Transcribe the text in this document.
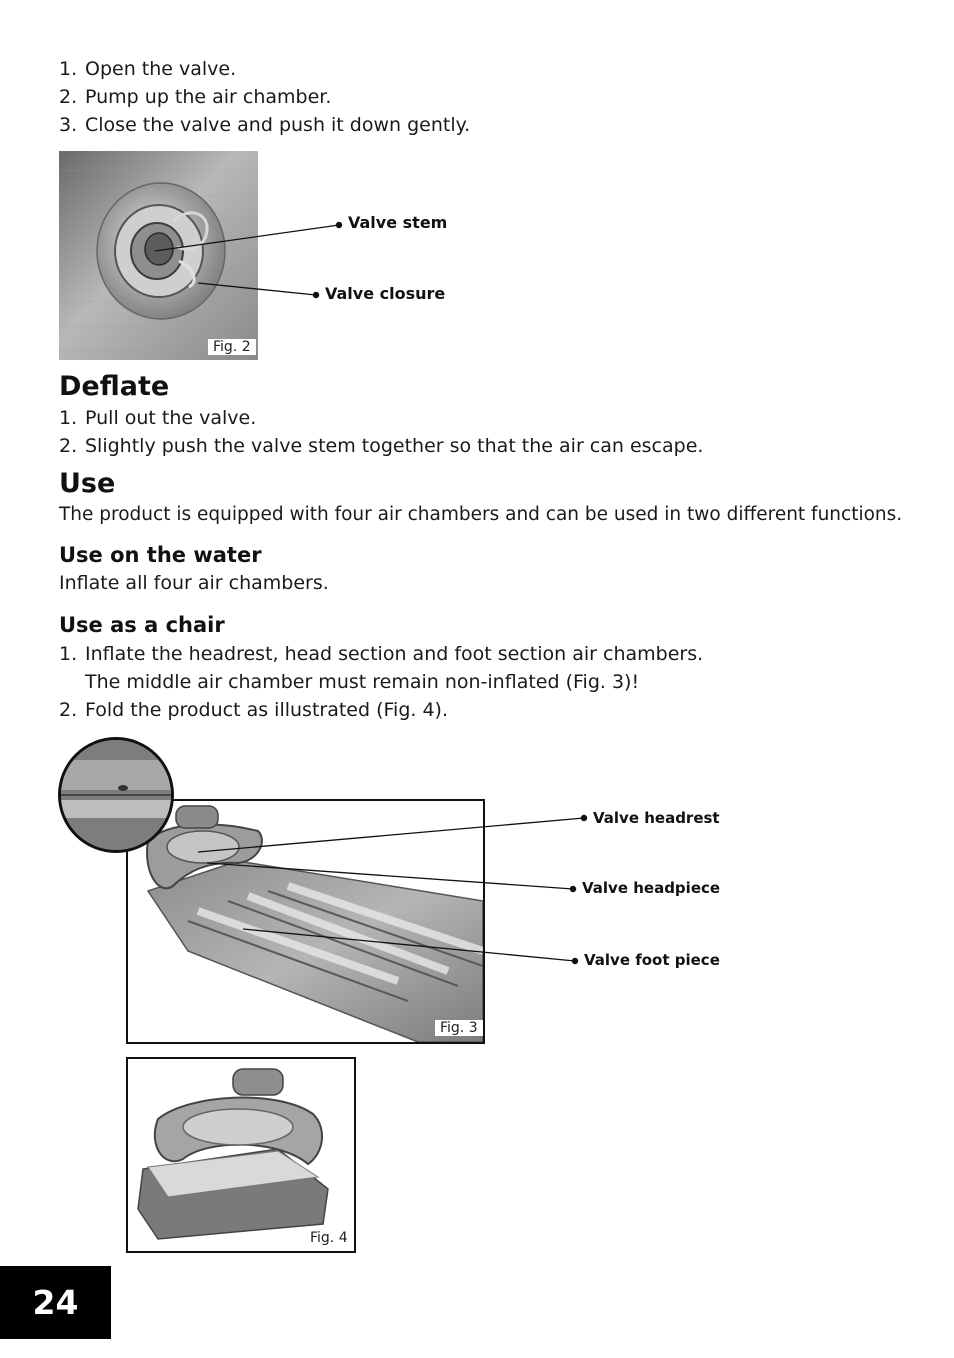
1. Open the valve.
2. Pump up the air chamber.
3. Close the valve and push it down gently.
Fig. 2
Valve stem
Valve closure
Deflate
1. Pull out the valve.
2. Slightly push the valve stem together so that the air can escape.
Use
The product is equipped with four air chambers and can be used in two different functions.
Use on the water
Inflate all four air chambers.
Use as a chair
1. Inflate the headrest, head section and foot section air chambers.
The middle air chamber must remain non-inflated (Fig. 3)!
2. Fold the product as illustrated (Fig. 4).
Fig. 3
Valve headrest
Valve headpiece
Valve foot piece
Fig. 4
24
